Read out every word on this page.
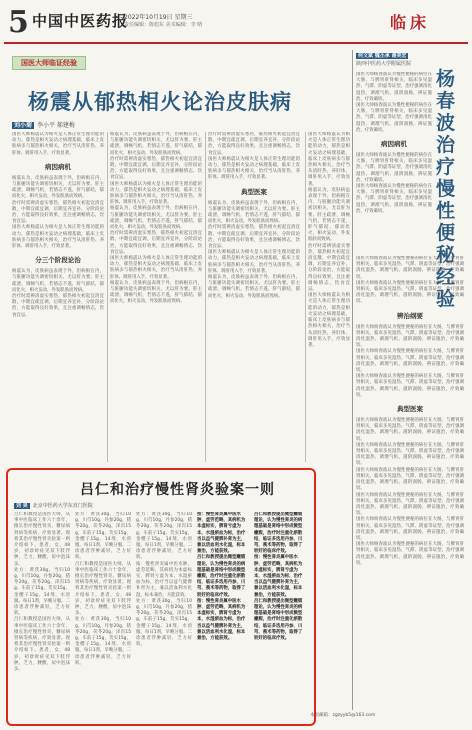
5 中国中医药报
2022年10月19日 星期三
责任编辑：陈旭东 美术编辑：李 晴	临床
国医大师临证经验
杨震从郁热相火论治皮肤病
刘小菊 李小平 郝建梅
国医大师杨震认为相火是人体正常生理功能的动力，郁热是相火妄动之病理基础，临床上皮肤病多与郁热相火相关，治疗当从清肝热、养肝体、调肝用入手，疗效显著。
病因病机
杨震认为，皮肤病虽表现于外，但病根在内，与脏腑功能失调密切相关，尤以肝为要。肝主疏泄，调畅气机，若情志不遂，肝气郁结，郁而化火，相火妄动，外发肌肤而致病。
治疗时需辨清虚实寒热，郁热相火初起宜清宜散，中期宜疏宜调，后期宜养宜补，分阶段论治，方能取得良好效果，且注重调畅情志，饮食宜忌。
国医大师杨震认为相火是人体正常生理功能的动力，郁热是相火妄动之病理基础，临床上皮肤病多与郁热相火相关，治疗当从清肝热、养肝体、调肝用入手，疗效显著。
分三个阶段论治
杨震认为，皮肤病虽表现于外，但病根在内，与脏腑功能失调密切相关，尤以肝为要。肝主疏泄，调畅气机，若情志不遂，肝气郁结，郁而化火，相火妄动，外发肌肤而致病。
治疗时需辨清虚实寒热，郁热相火初起宜清宜散，中期宜疏宜调，后期宜养宜补，分阶段论治，方能取得良好效果，且注重调畅情志，饮食宜忌。
杨震认为，皮肤病虽表现于外，但病根在内，与脏腑功能失调密切相关，尤以肝为要。肝主疏泄，调畅气机，若情志不遂，肝气郁结，郁而化火，相火妄动，外发肌肤而致病。
治疗时需辨清虚实寒热，郁热相火初起宜清宜散，中期宜疏宜调，后期宜养宜补，分阶段论治，方能取得良好效果，且注重调畅情志，饮食宜忌。
国医大师杨震认为相火是人体正常生理功能的动力，郁热是相火妄动之病理基础，临床上皮肤病多与郁热相火相关，治疗当从清肝热、养肝体、调肝用入手，疗效显著。
杨震认为，皮肤病虽表现于外，但病根在内，与脏腑功能失调密切相关，尤以肝为要。肝主疏泄，调畅气机，若情志不遂，肝气郁结，郁而化火，相火妄动，外发肌肤而致病。
治疗时需辨清虚实寒热，郁热相火初起宜清宜散，中期宜疏宜调，后期宜养宜补，分阶段论治，方能取得良好效果，且注重调畅情志，饮食宜忌。
国医大师杨震认为相火是人体正常生理功能的动力，郁热是相火妄动之病理基础，临床上皮肤病多与郁热相火相关，治疗当从清肝热、养肝体、调肝用入手，疗效显著。
杨震认为，皮肤病虽表现于外，但病根在内，与脏腑功能失调密切相关，尤以肝为要。肝主疏泄，调畅气机，若情志不遂，肝气郁结，郁而化火，相火妄动，外发肌肤而致病。
治疗时需辨清虚实寒热，郁热相火初起宜清宜散，中期宜疏宜调，后期宜养宜补，分阶段论治，方能取得良好效果，且注重调畅情志，饮食宜忌。
国医大师杨震认为相火是人体正常生理功能的动力，郁热是相火妄动之病理基础，临床上皮肤病多与郁热相火相关，治疗当从清肝热、养肝体、调肝用入手，疗效显著。
典型医案
杨震认为，皮肤病虽表现于外，但病根在内，与脏腑功能失调密切相关，尤以肝为要。肝主疏泄，调畅气机，若情志不遂，肝气郁结，郁而化火，相火妄动，外发肌肤而致病。
治疗时需辨清虚实寒热，郁热相火初起宜清宜散，中期宜疏宜调，后期宜养宜补，分阶段论治，方能取得良好效果，且注重调畅情志，饮食宜忌。
国医大师杨震认为相火是人体正常生理功能的动力，郁热是相火妄动之病理基础，临床上皮肤病多与郁热相火相关，治疗当从清肝热、养肝体、调肝用入手，疗效显著。
杨震认为，皮肤病虽表现于外，但病根在内，与脏腑功能失调密切相关，尤以肝为要。肝主疏泄，调畅气机，若情志不遂，肝气郁结，郁而化火，相火妄动，外发肌肤而致病。
国医大师杨震认为相火是人体正常生理功能的动力，郁热是相火妄动之病理基础，临床上皮肤病多与郁热相火相关，治疗当从清肝热、养肝体、调肝用入手，疗效显著。
杨震认为，皮肤病虽表现于外，但病根在内，与脏腑功能失调密切相关，尤以肝为要。肝主疏泄，调畅气机，若情志不遂，肝气郁结，郁而化火，相火妄动，外发肌肤而致病。
治疗时需辨清虚实寒热，郁热相火初起宜清宜散，中期宜疏宜调，后期宜养宜补，分阶段论治，方能取得良好效果，且注重调畅情志，饮食宜忌。
国医大师杨震认为相火是人体正常生理功能的动力，郁热是相火妄动之病理基础，临床上皮肤病多与郁热相火相关，治疗当从清肝热、养肝体、调肝用入手，疗效显著。
何文斌 魏丕承 谢美宏
陕西中医药大学附属医院
杨春波治疗慢性便秘经验
国医大师杨春波认为慢性便秘的病位在大肠，与脾胃肝肾相关，临床多见湿热、气滞、阴虚等证型，治疗强调清化湿热、调理气机、滋阴润肠，辨证施治，疗效确切。
国医大师杨春波认为慢性便秘的病位在大肠，与脾胃肝肾相关，临床多见湿热、气滞、阴虚等证型，治疗强调清化湿热、调理气机、滋阴润肠，辨证施治，疗效确切。
病因病机
国医大师杨春波认为慢性便秘的病位在大肠，与脾胃肝肾相关，临床多见湿热、气滞、阴虚等证型，治疗强调清化湿热、调理气机、滋阴润肠，辨证施治，疗效确切。
国医大师杨春波认为慢性便秘的病位在大肠，与脾胃肝肾相关，临床多见湿热、气滞、阴虚等证型，治疗强调清化湿热、调理气机、滋阴润肠，辨证施治，疗效确切。
国医大师杨春波认为慢性便秘的病位在大肠，与脾胃肝肾相关，临床多见湿热、气滞、阴虚等证型，治疗强调清化湿热、调理气机、滋阴润肠，辨证施治，疗效确切。
国医大师杨春波认为慢性便秘的病位在大肠，与脾胃肝肾相关，临床多见湿热、气滞、阴虚等证型，治疗强调清化湿热、调理气机、滋阴润肠，辨证施治，疗效确切。
辨治纲要
国医大师杨春波认为慢性便秘的病位在大肠，与脾胃肝肾相关，临床多见湿热、气滞、阴虚等证型，治疗强调清化湿热、调理气机、滋阴润肠，辨证施治，疗效确切。
国医大师杨春波认为慢性便秘的病位在大肠，与脾胃肝肾相关，临床多见湿热、气滞、阴虚等证型，治疗强调清化湿热、调理气机、滋阴润肠，辨证施治，疗效确切。
国医大师杨春波认为慢性便秘的病位在大肠，与脾胃肝肾相关，临床多见湿热、气滞、阴虚等证型，治疗强调清化湿热、调理气机、滋阴润肠，辨证施治，疗效确切。
典型医案
国医大师杨春波认为慢性便秘的病位在大肠，与脾胃肝肾相关，临床多见湿热、气滞、阴虚等证型，治疗强调清化湿热、调理气机、滋阴润肠，辨证施治，疗效确切。
国医大师杨春波认为慢性便秘的病位在大肠，与脾胃肝肾相关，临床多见湿热、气滞、阴虚等证型，治疗强调清化湿热、调理气机、滋阴润肠，辨证施治，疗效确切。
国医大师杨春波认为慢性便秘的病位在大肠，与脾胃肝肾相关，临床多见湿热、气滞、阴虚等证型，治疗强调清化湿热、调理气机、滋阴润肠，辨证施治，疗效确切。
国医大师杨春波认为慢性便秘的病位在大肠，与脾胃肝肾相关，临床多见湿热、气滞、阴虚等证型，治疗强调清化湿热、调理气机、滋阴润肠，辨证施治，疗效确切。
国医大师杨春波认为慢性便秘的病位在大肠，与脾胃肝肾相关，临床多见湿热、气滞、阴虚等证型，治疗强调清化湿热、调理气机、滋阴润肠，辨证施治，疗效确切。
国医大师杨春波认为慢性便秘的病位在大肠，与脾胃肝肾相关，临床多见湿热、气滞、阴虚等证型，治疗强调清化湿热、调理气机、滋阴润肠，辨证施治，疗效确切。
吕仁和治疗慢性肾炎验案一则
刘 昊 北京中医药大学东直门医院
吕仁和教授是国医大师，从事中医临床工作六十余年，擅长治疗慢性肾炎、糖尿病肾病等疾病，疗效显著。现将其治疗慢性肾炎验案一则介绍如下。患者，女，48岁，初诊时症见双下肢浮肿，乏力，腰酸，尿中泡沫多。
处方：黄芪30g，当归10g，川芎10g，丹参20g，猪苓20g，茯苓20g，泽泻15g，车前子15g，芡实15g，金樱子15g。14剂，水煎服，每日1剂，早晚分服。二诊患者浮肿减轻，乏力好转。
吕仁和教授是国医大师，从事中医临床工作六十余年，擅长治疗慢性肾炎、糖尿病肾病等疾病，疗效显著。现将其治疗慢性肾炎验案一则介绍如下。患者，女，48岁，初诊时症见双下肢浮肿，乏力，腰酸，尿中泡沫多。
处方：黄芪30g，当归10g，川芎10g，丹参20g，猪苓20g，茯苓20g，泽泻15g，车前子15g，芡实15g，金樱子15g。14剂，水煎服，每日1剂，早晚分服。二诊患者浮肿减轻，乏力好转。
吕仁和教授是国医大师，从事中医临床工作六十余年，擅长治疗慢性肾炎、糖尿病肾病等疾病，疗效显著。现将其治疗慢性肾炎验案一则介绍如下。患者，女，48岁，初诊时症见双下肢浮肿，乏力，腰酸，尿中泡沫多。
处方：黄芪30g，当归10g，川芎10g，丹参20g，猪苓20g，茯苓20g，泽泻15g，车前子15g，芡实15g，金樱子15g。14剂，水煎服，每日1剂，早晚分服。二诊患者浮肿减轻，乏力好转。
处方：黄芪30g，当归10g，川芎10g，丹参20g，猪苓20g，茯苓20g，泽泻15g，车前子15g，芡实15g，金樱子15g。14剂，水煎服，每日1剂，早晚分服。二诊患者浮肿减轻，乏力好转。
按：慢性肾炎属中医水肿、虚劳范畴，其病机为本虚标实，脾肾亏虚为本，水湿瘀血为标，治疗当以益气健脾补肾为主，兼以活血利水化湿，标本兼治，方能获效。
处方：黄芪30g，当归10g，川芎10g，丹参20g，猪苓20g，茯苓20g，泽泻15g，车前子15g，芡实15g，金樱子15g。14剂，水煎服，每日1剂，早晚分服。二诊患者浮肿减轻，乏力好转。
按：慢性肾炎属中医水肿、虚劳范畴，其病机为本虚标实，脾肾亏虚为本，水湿瘀血为标，治疗当以益气健脾补肾为主，兼以活血利水化湿，标本兼治，方能获效。
吕仁和教授提出微型癥瘕理论，认为慢性肾炎的病理基础是肾络中形成微型癥瘕，治疗时注重化瘀散结，临证多选用丹参、川芎、莪术等药物，取得了较好的临床疗效。
按：慢性肾炎属中医水肿、虚劳范畴，其病机为本虚标实，脾肾亏虚为本，水湿瘀血为标，治疗当以益气健脾补肾为主，兼以活血利水化湿，标本兼治，方能获效。
吕仁和教授提出微型癥瘕理论，认为慢性肾炎的病理基础是肾络中形成微型癥瘕，治疗时注重化瘀散结，临证多选用丹参、川芎、莪术等药物，取得了较好的临床疗效。
按：慢性肾炎属中医水肿、虚劳范畴，其病机为本虚标实，脾肾亏虚为本，水湿瘀血为标，治疗当以益气健脾补肾为主，兼以活血利水化湿，标本兼治，方能获效。
吕仁和教授提出微型癥瘕理论，认为慢性肾炎的病理基础是肾络中形成微型癥瘕，治疗时注重化瘀散结，临证多选用丹参、川芎、莪术等药物，取得了较好的临床疗效。
本版邮箱：zgzyyb5@163.com
